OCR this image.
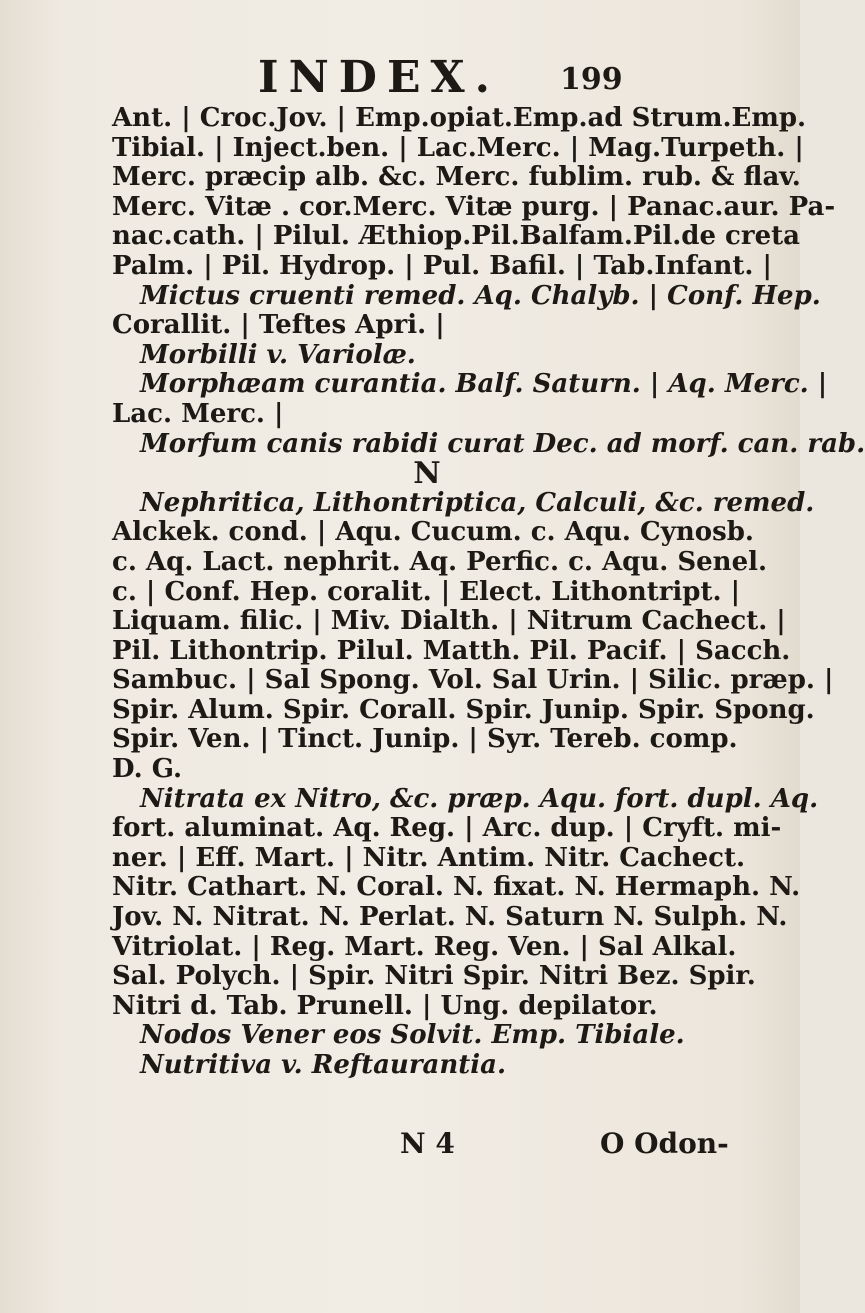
INDEX. 199
Ant. | Croc.Jov. | Emp.opiat.Emp.ad Strum.Emp.
Tibial. | Inject.ben. | Lac.Merc. | Mag.Turpeth. |
Merc. præcip alb. &c. Merc. fublim. rub. & flav.
Merc. Vitæ . cor.Merc. Vitæ purg. | Panac.aur. Pa-
nac.cath. | Pilul. Æthiop.Pil.Balfam.Pil.de creta
Palm. | Pil. Hydrop. | Pul. Bafil. | Tab.Infant. |
Mictus cruenti remed. Aq. Chalyb. | Conf. Hep.
Corallit. | Teftes Apri. |
Morbilli v. Variolæ.
Morphæam curantia. Balf. Saturn. | Aq. Merc. |
Lac. Merc. |
Morfum canis rabidi curat Dec. ad morf. can. rab.
N
Nephritica, Lithontriptica, Calculi, &c. remed.
Alckek. cond. | Aqu. Cucum. c. Aqu. Cynosb.
c. Aq. Lact. nephrit. Aq. Perfic. c. Aqu. Senel.
c. | Conf. Hep. coralit. | Elect. Lithontript. |
Liquam. filic. | Miv. Dialth. | Nitrum Cachect. |
Pil. Lithontrip. Pilul. Matth. Pil. Pacif. | Sacch.
Sambuc. | Sal Spong. Vol. Sal Urin. | Silic. præp. |
Spir. Alum. Spir. Corall. Spir. Junip. Spir. Spong.
Spir. Ven. | Tinct. Junip. | Syr. Tereb. comp.
D. G.
Nitrata ex Nitro, &c. præp. Aqu. fort. dupl. Aq.
fort. aluminat. Aq. Reg. | Arc. dup. | Cryft. mi-
ner. | Eff. Mart. | Nitr. Antim. Nitr. Cachect.
Nitr. Cathart. N. Coral. N. fixat. N. Hermaph. N.
Jov. N. Nitrat. N. Perlat. N. Saturn N. Sulph. N.
Vitriolat. | Reg. Mart. Reg. Ven. | Sal Alkal.
Sal. Polych. | Spir. Nitri Spir. Nitri Bez. Spir.
Nitri d. Tab. Prunell. | Ung. depilator.
Nodos Vener eos Solvit. Emp. Tibiale.
Nutritiva v. Reftaurantia.
N 4	O Odon-
